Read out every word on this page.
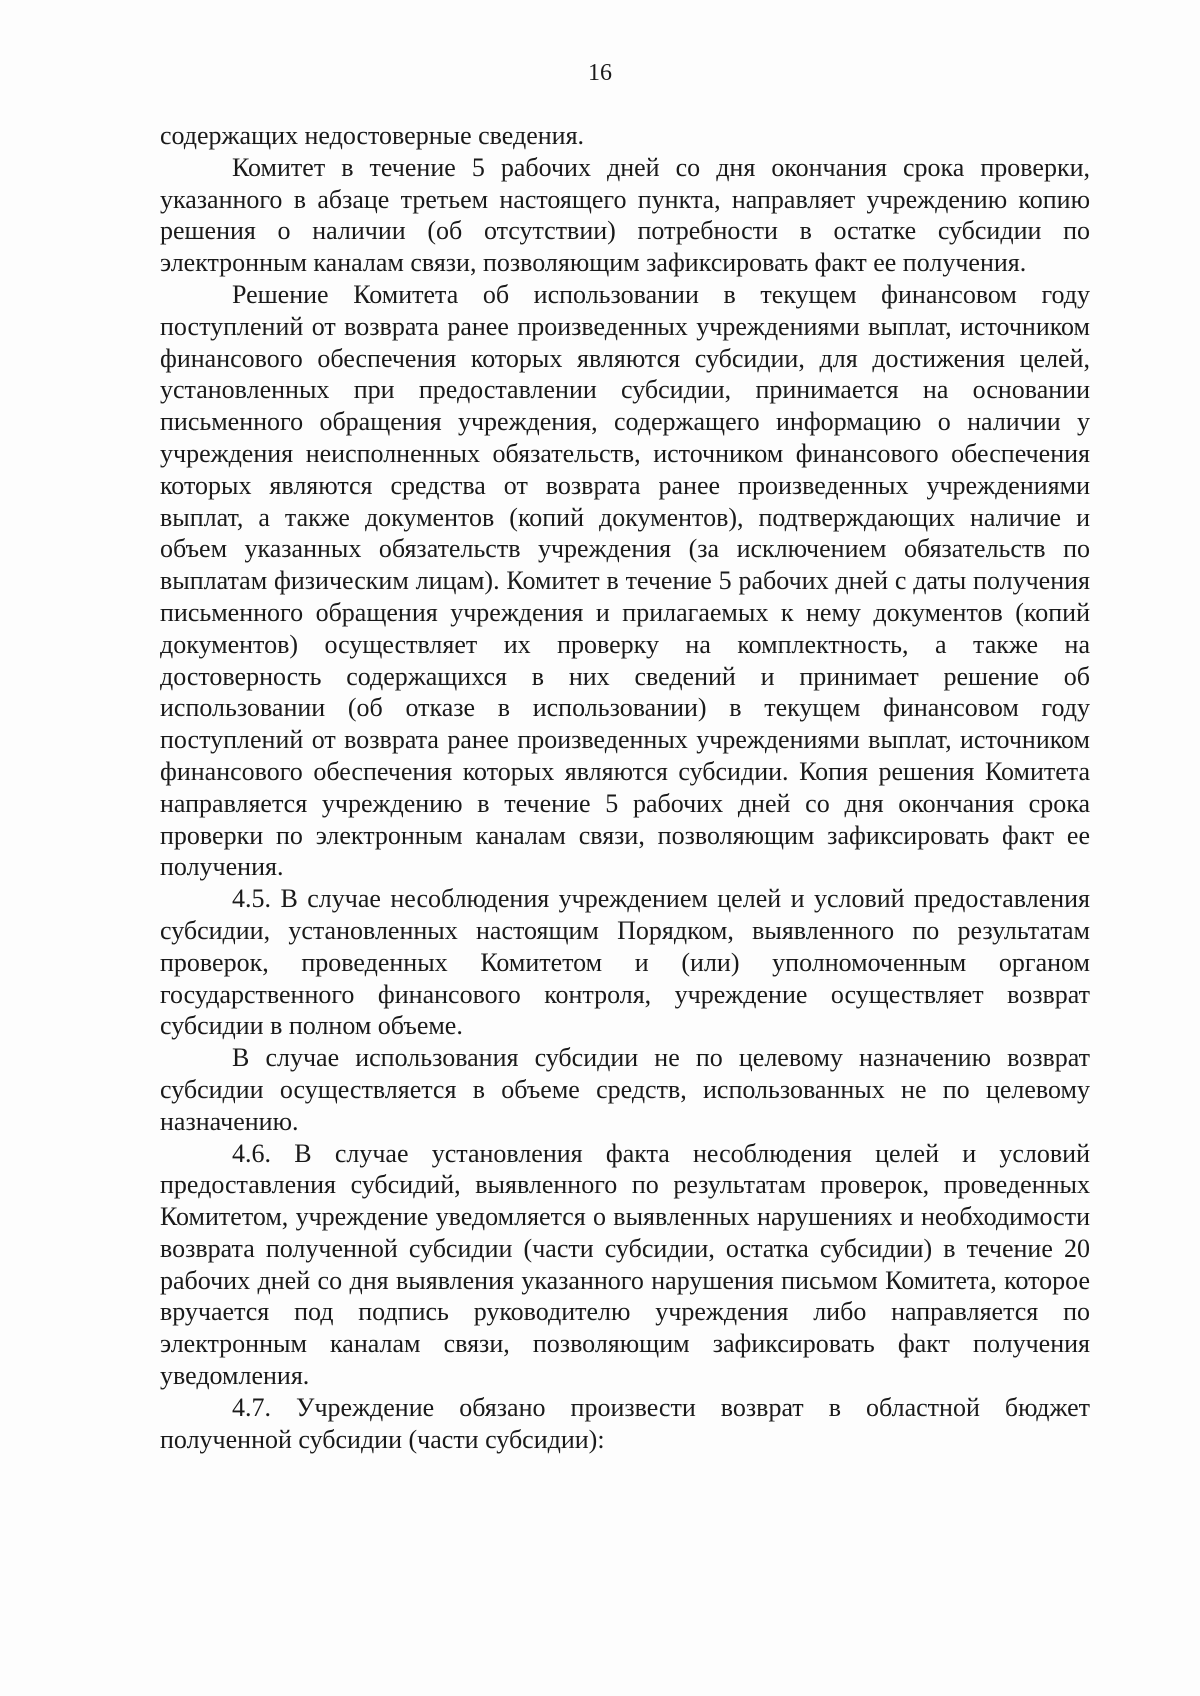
16

содержащих недостоверные сведения.

Комитет в течение 5 рабочих дней со дня окончания срока проверки, указанного в абзаце третьем настоящего пункта, направляет учреждению копию решения о наличии (об отсутствии) потребности в остатке субсидии по электронным каналам связи, позволяющим зафиксировать факт ее получения.

Решение Комитета об использовании в текущем финансовом году поступлений от возврата ранее произведенных учреждениями выплат, источником финансового обеспечения которых являются субсидии, для достижения целей, установленных при предоставлении субсидии, принимается на основании письменного обращения учреждения, содержащего информацию о наличии у учреждения неисполненных обязательств, источником финансового обеспечения которых являются средства от возврата ранее произведенных учреждениями выплат, а также документов (копий документов), подтверждающих наличие и объем указанных обязательств учреждения (за исключением обязательств по выплатам физическим лицам). Комитет в течение 5 рабочих дней с даты получения письменного обращения учреждения и прилагаемых к нему документов (копий документов) осуществляет их проверку на комплектность, а также на достоверность содержащихся в них сведений и принимает решение об использовании (об отказе в использовании) в текущем финансовом году поступлений от возврата ранее произведенных учреждениями выплат, источником финансового обеспечения которых являются субсидии. Копия решения Комитета направляется учреждению в течение 5 рабочих дней со дня окончания срока проверки по электронным каналам связи, позволяющим зафиксировать факт ее получения.

4.5. В случае несоблюдения учреждением целей и условий предоставления субсидии, установленных настоящим Порядком, выявленного по результатам проверок, проведенных Комитетом и (или) уполномоченным органом государственного финансового контроля, учреждение осуществляет возврат субсидии в полном объеме.

В случае использования субсидии не по целевому назначению возврат субсидии осуществляется в объеме средств, использованных не по целевому назначению.

4.6. В случае установления факта несоблюдения целей и условий предоставления субсидий, выявленного по результатам проверок, проведенных Комитетом, учреждение уведомляется о выявленных нарушениях и необходимости возврата полученной субсидии (части субсидии, остатка субсидии) в течение 20 рабочих дней со дня выявления указанного нарушения письмом Комитета, которое вручается под подпись руководителю учреждения либо направляется по электронным каналам связи, позволяющим зафиксировать факт получения уведомления.

4.7. Учреждение обязано произвести возврат в областной бюджет полученной субсидии (части субсидии):
